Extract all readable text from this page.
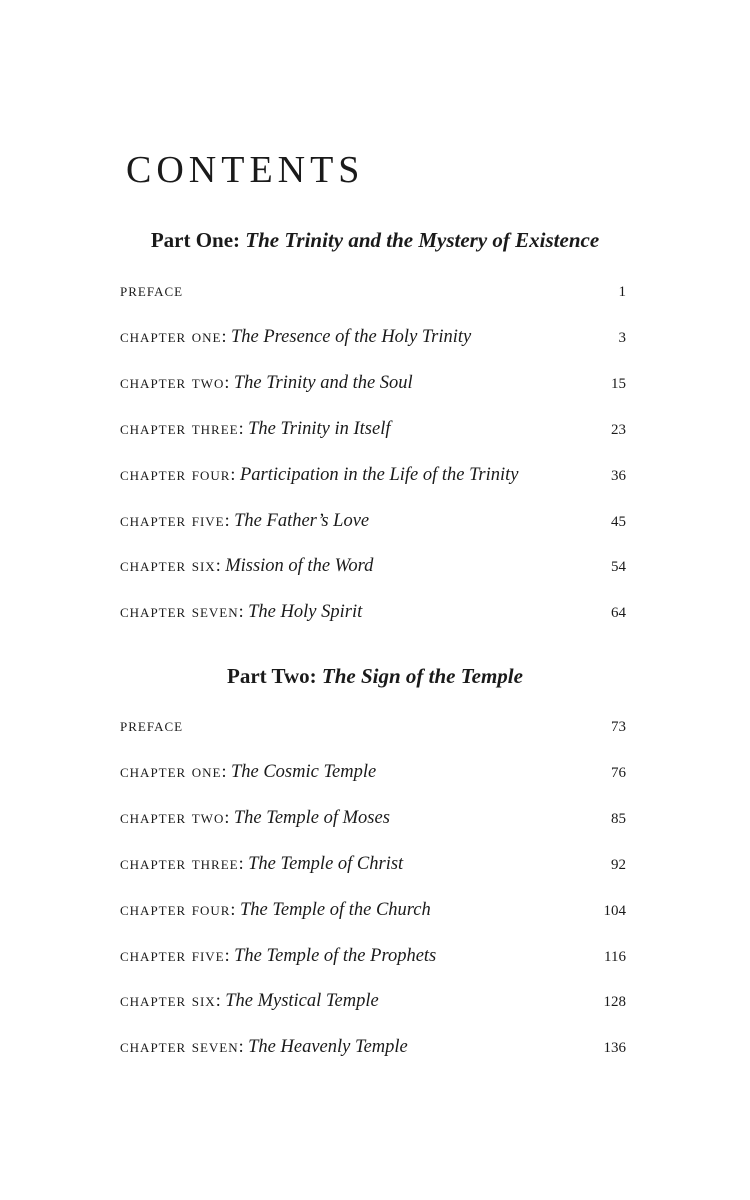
CONTENTS
Part One: The Trinity and the Mystery of Existence
preface	1
chapter one: The Presence of the Holy Trinity	3
chapter two: The Trinity and the Soul	15
chapter three: The Trinity in Itself	23
chapter four: Participation in the Life of the Trinity	36
chapter five: The Father’s Love	45
chapter six: Mission of the Word	54
chapter seven: The Holy Spirit	64
Part Two: The Sign of the Temple
preface	73
chapter one: The Cosmic Temple	76
chapter two: The Temple of Moses	85
chapter three: The Temple of Christ	92
chapter four: The Temple of the Church	104
chapter five: The Temple of the Prophets	116
chapter six: The Mystical Temple	128
chapter seven: The Heavenly Temple	136
